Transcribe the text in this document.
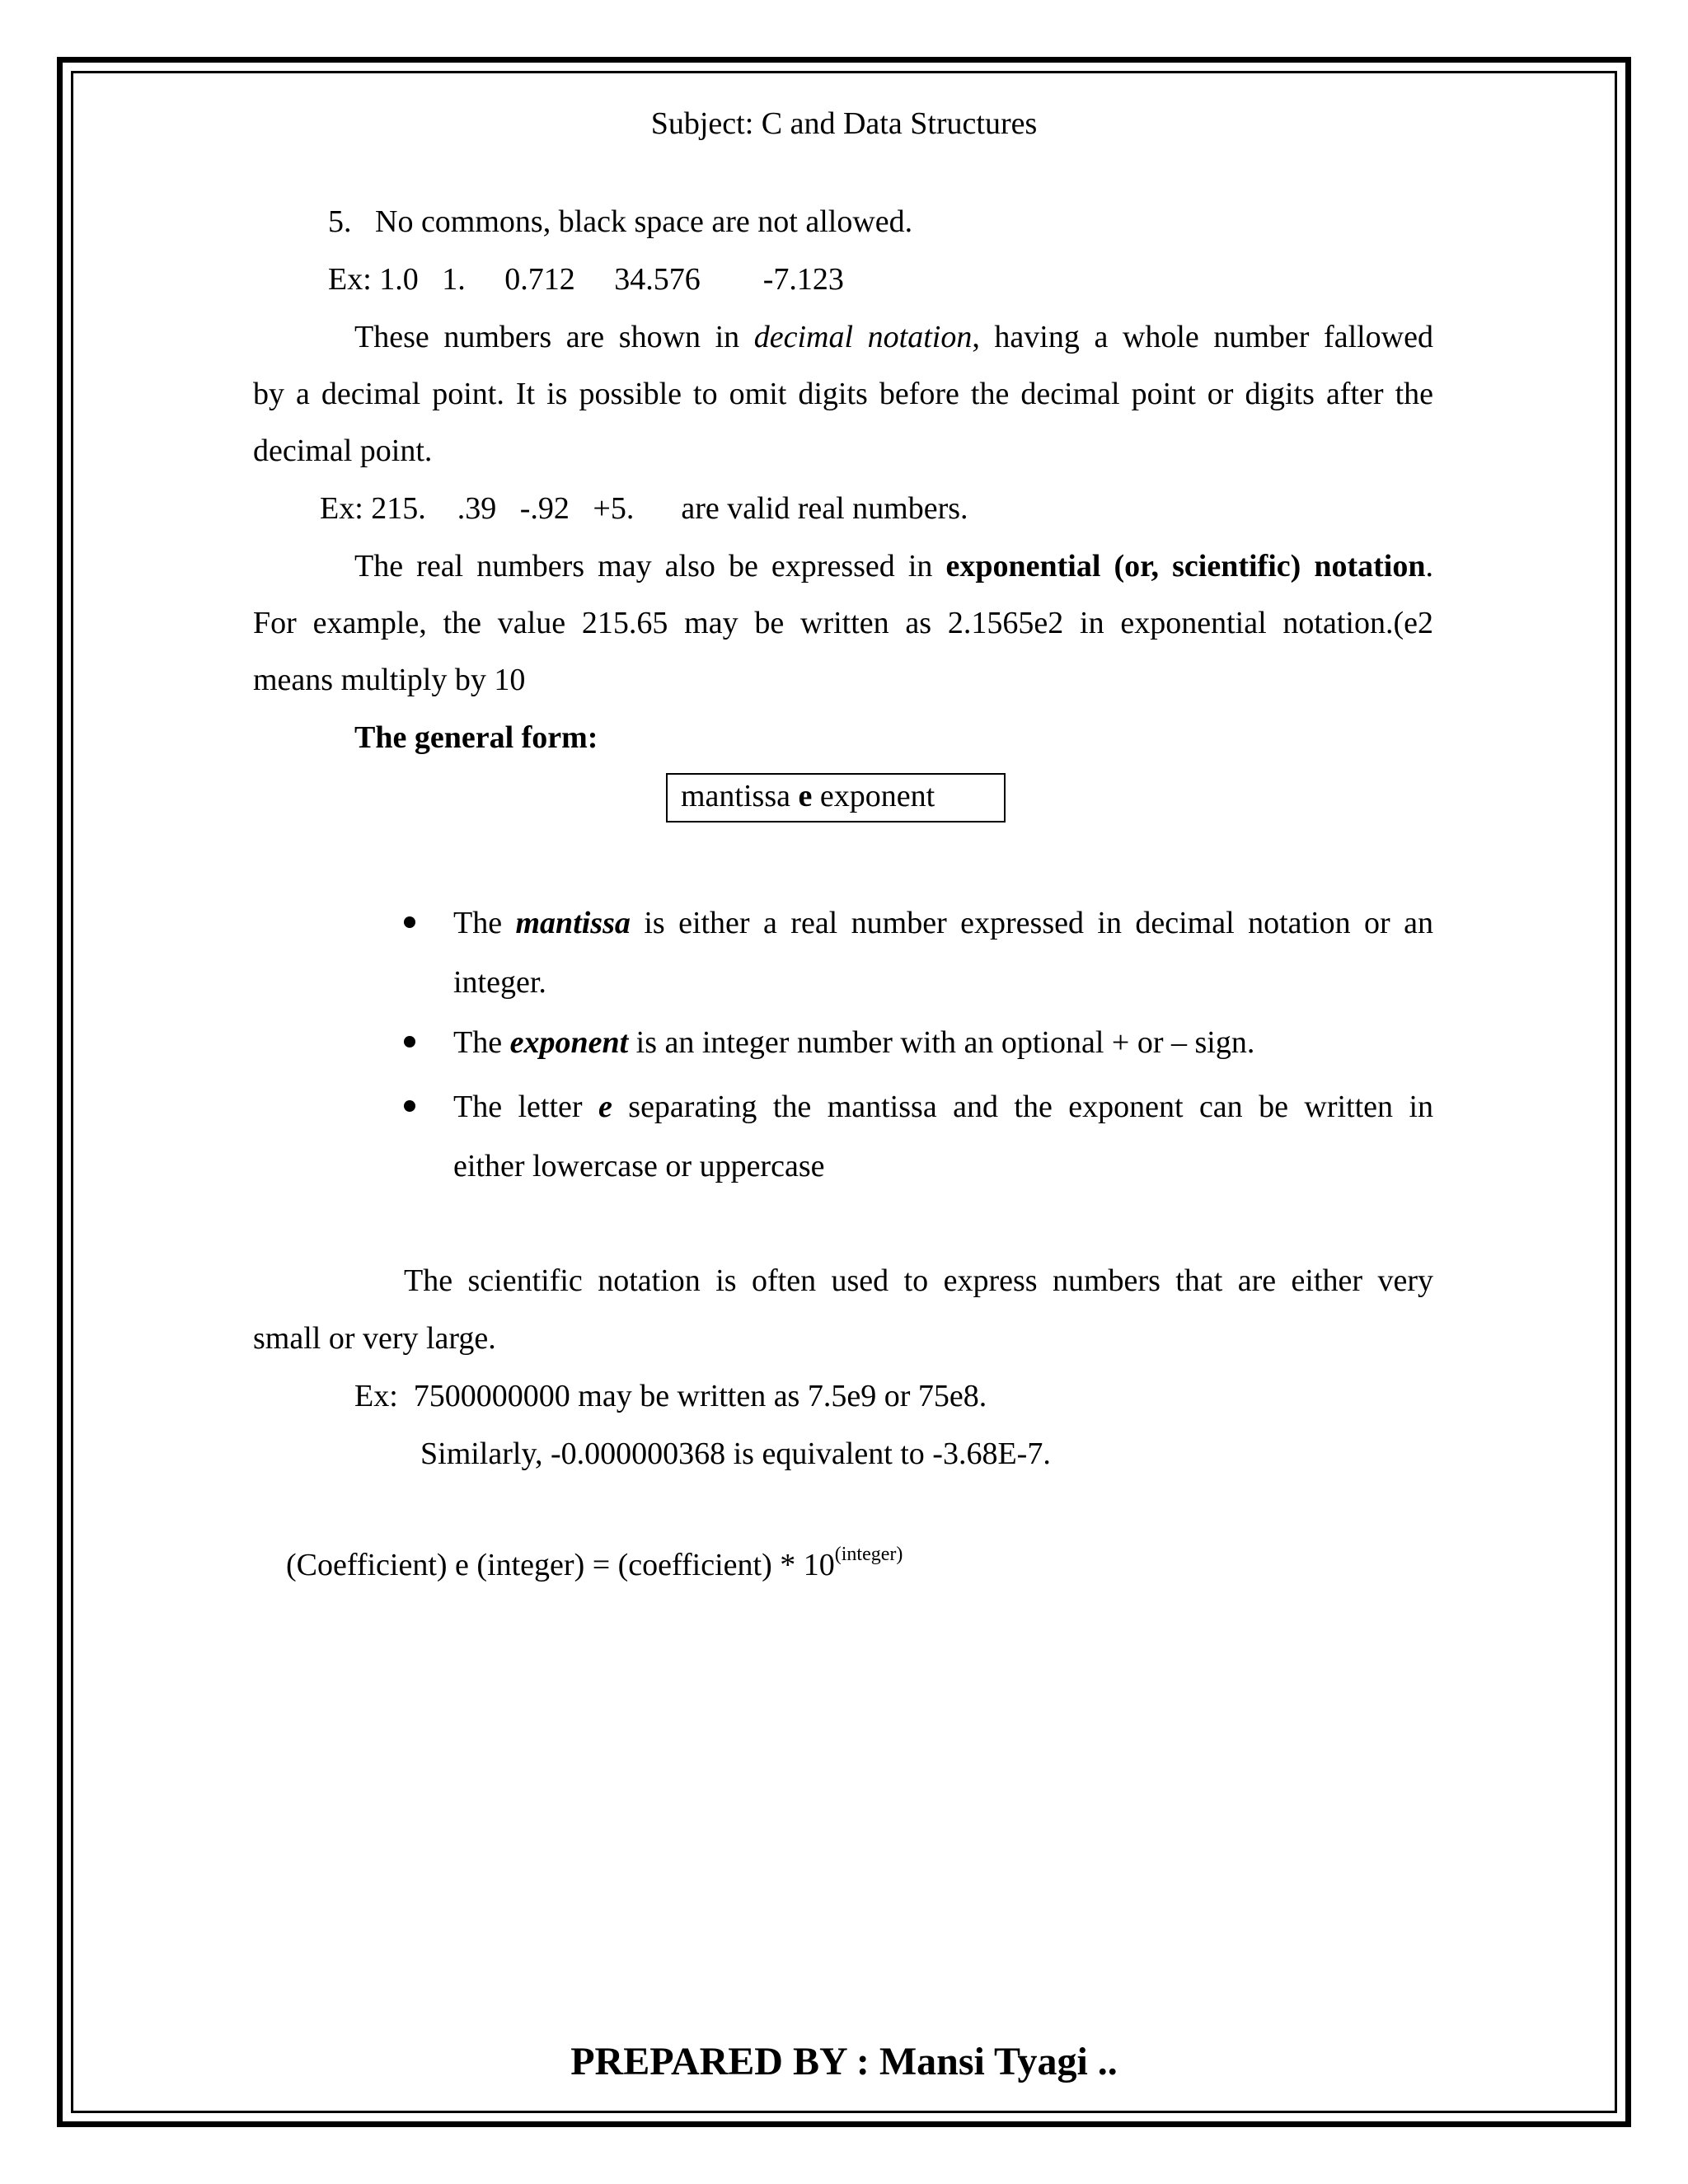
Subject: C and Data Structures
5.   No commons, black space are not allowed.
Ex: 1.0   1.     0.712     34.576        -7.123
These numbers are shown in decimal notation, having a whole number fallowed
by a decimal point. It is possible to omit digits before the decimal point or digits after the
decimal point.
Ex: 215.    .39   -.92   +5.      are valid real numbers.
The real numbers may also be expressed in exponential (or, scientific) notation.
For example, the value 215.65 may be written as 2.1565e2 in exponential notation.(e2
means multiply by 10
The general form:
mantissa e exponent
The mantissa is either a real number expressed in decimal notation or an
integer.
The exponent is an integer number with an optional + or – sign.
The letter e separating the mantissa and the exponent can be written in
either lowercase or uppercase
The scientific notation is often used to express numbers that are either very
small or very large.
Ex:  7500000000 may be written as 7.5e9 or 75e8.
Similarly, -0.000000368 is equivalent to -3.68E-7.
(Coefficient) e (integer) = (coefficient) * $10^{(integer)}$
PREPARED BY : Mansi Tyagi ..
